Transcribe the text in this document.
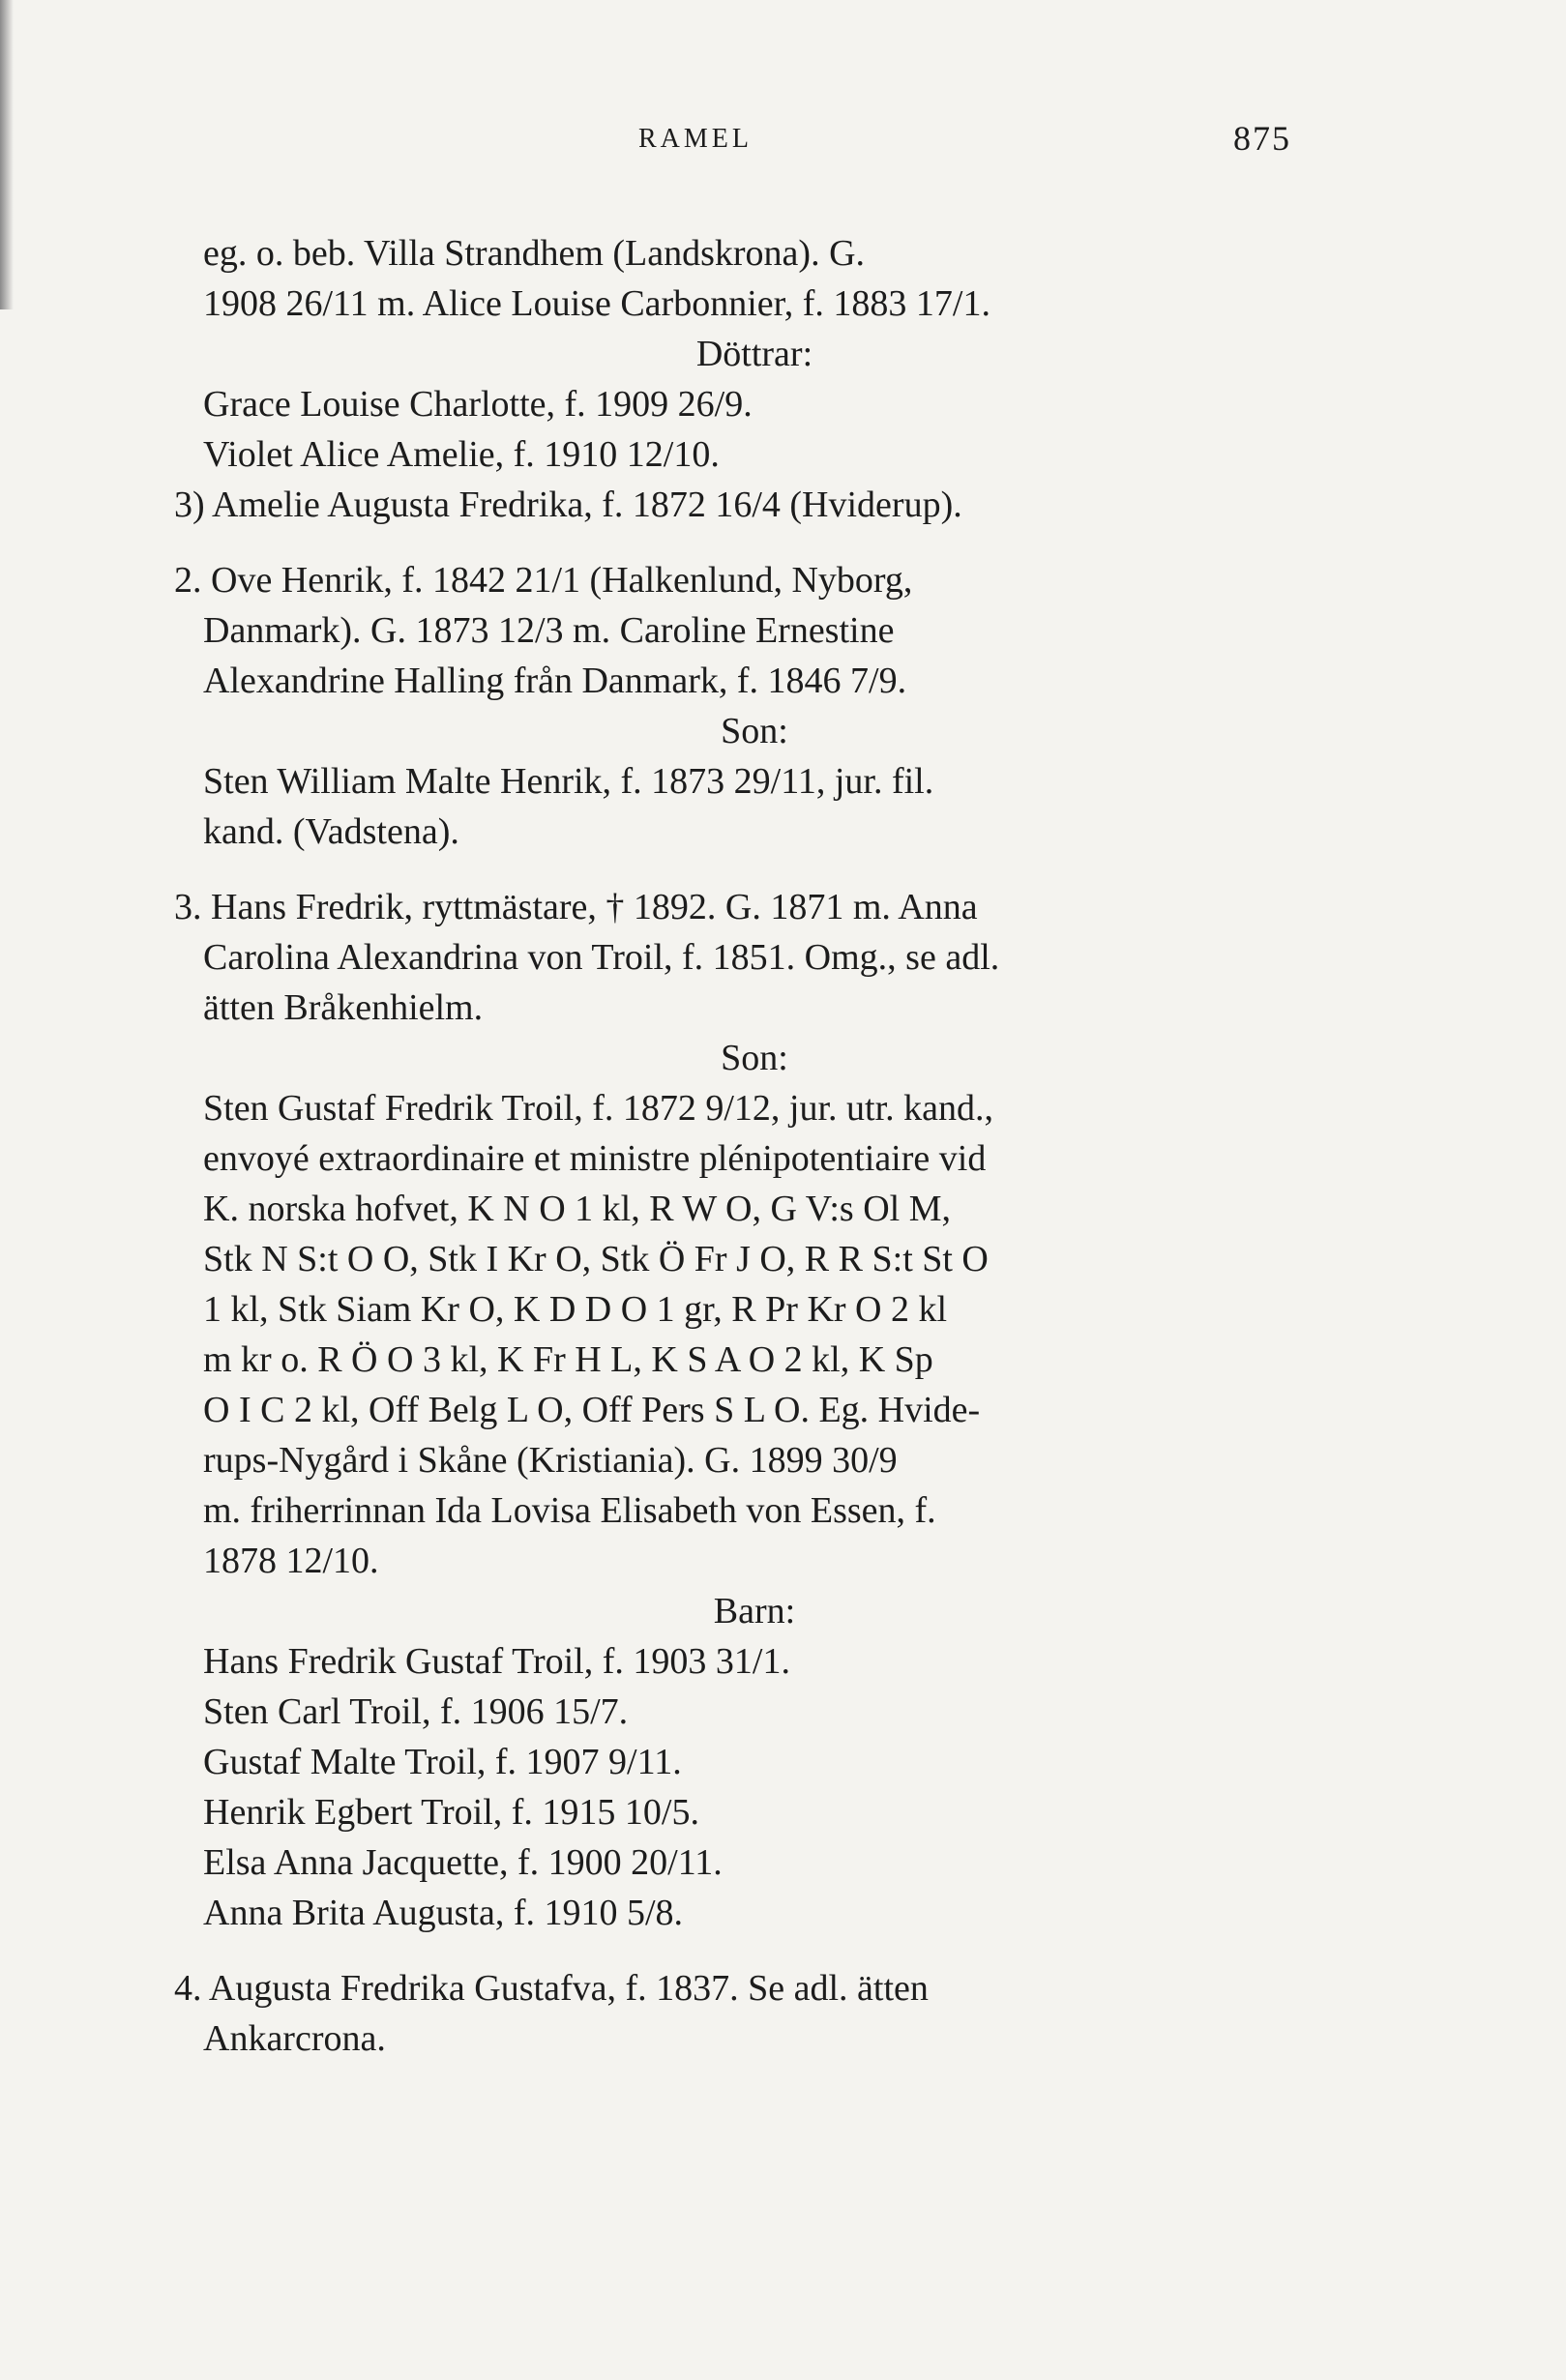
RAMEL	875
eg. o. beb. Villa Strandhem (Landskrona). G.
1908 26/11 m. Alice Louise Carbonnier, f. 1883 17/1.
Döttrar:
Grace Louise Charlotte, f. 1909 26/9.
Violet Alice Amelie, f. 1910 12/10.
3) Amelie Augusta Fredrika, f. 1872 16/4 (Hviderup).
2. Ove Henrik, f. 1842 21/1 (Halkenlund, Nyborg,
Danmark). G. 1873 12/3 m. Caroline Ernestine
Alexandrine Halling från Danmark, f. 1846 7/9.
Son:
Sten William Malte Henrik, f. 1873 29/11, jur. fil.
kand. (Vadstena).
3. Hans Fredrik, ryttmästare, † 1892. G. 1871 m. Anna
Carolina Alexandrina von Troil, f. 1851. Omg., se adl.
ätten Bråkenhielm.
Son:
Sten Gustaf Fredrik Troil, f. 1872 9/12, jur. utr. kand.,
envoyé extraordinaire et ministre plénipotentiaire vid
K. norska hofvet, K N O 1 kl, R W O, G V:s Ol M,
Stk N S:t O O, Stk I Kr O, Stk Ö Fr J O, R R S:t St O
1 kl, Stk Siam Kr O, K D D O 1 gr, R Pr Kr O 2 kl
m kr o. R Ö O 3 kl, K Fr H L, K S A O 2 kl, K Sp
O I C 2 kl, Off Belg L O, Off Pers S L O. Eg. Hvide-
rups-Nygård i Skåne (Kristiania). G. 1899 30/9
m. friherrinnan Ida Lovisa Elisabeth von Essen, f.
1878 12/10.
Barn:
Hans Fredrik Gustaf Troil, f. 1903 31/1.
Sten Carl Troil, f. 1906 15/7.
Gustaf Malte Troil, f. 1907 9/11.
Henrik Egbert Troil, f. 1915 10/5.
Elsa Anna Jacquette, f. 1900 20/11.
Anna Brita Augusta, f. 1910 5/8.
4. Augusta Fredrika Gustafva, f. 1837. Se adl. ätten
Ankarcrona.
